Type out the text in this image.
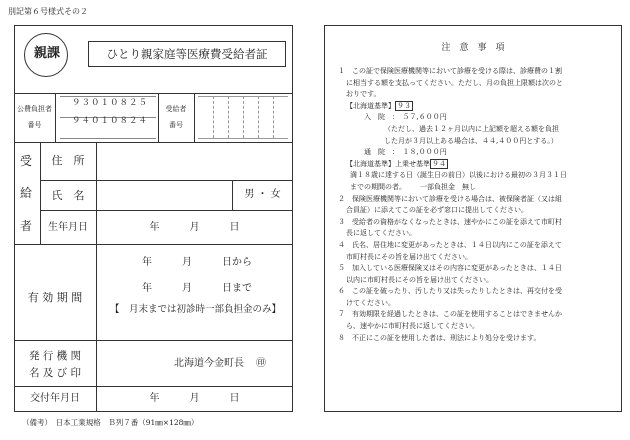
別記第６号様式その２
親課	ひとり親家庭等医療費受給者証
公費負担者
番号
９３０１０８２５
９４０１０８２４
受給者
番号
受
給
者
住　所
氏　名	男 ・ 女
生年月日	年　　　月　　　日
有 効 期 間
年　　　月　　　日から
年　　　月　　　日まで
【　月末までは初診時一部負担金のみ】
発 行 機 関
名 及 び 印
北海道今金町長 ㊞
交付年月日	年　　　月　　　日
（備考）　日本工業規格　Ｂ列７番（91㎜×128㎜）
注　意　事　項
１　この証で保険医療機関等において診療を受ける際は、診療費の１割
に相当する額を支払ってください。ただし、月の負担上限額は次のと
おりです。
【北海道基準】 ９３
入　院　：　５７,６００円
（ただし、過去１２ヶ月以内に上記額を超える額を負担
した月が３月以上ある場合は、４４,４００円とする。）
通　院　：　１８,０００円
【北海道基準】上乗せ基準 ９４
満１８歳に達する日（誕生日の前日）以後における最初の３月３１日
までの期間の者。 一部負担金　無し
２　保険医療機関等において診療を受ける場合は、被保険者証（又は組
合員証）に添えてこの証を必ず窓口に提出してください。
３　受給者の資格がなくなったときは、速やかにこの証を添えて市町村
長に返してください。
４　氏名、居住地に変更があったときは、１４日以内にこの証を添えて
市町村長にその旨を届け出てください。
５　加入している医療保険又はその内容に変更があったときは、１４日
以内に市町村長にその旨を届け出てください。
６　この証を破ったり、汚したり又は失ったりしたときは、再交付を受
けてください。
７　有効期限を経過したときは、この証を使用することはできませんか
ら、速やかに市町村長に返してください。
８　不正にこの証を使用した者は、刑法により処分を受けます。
